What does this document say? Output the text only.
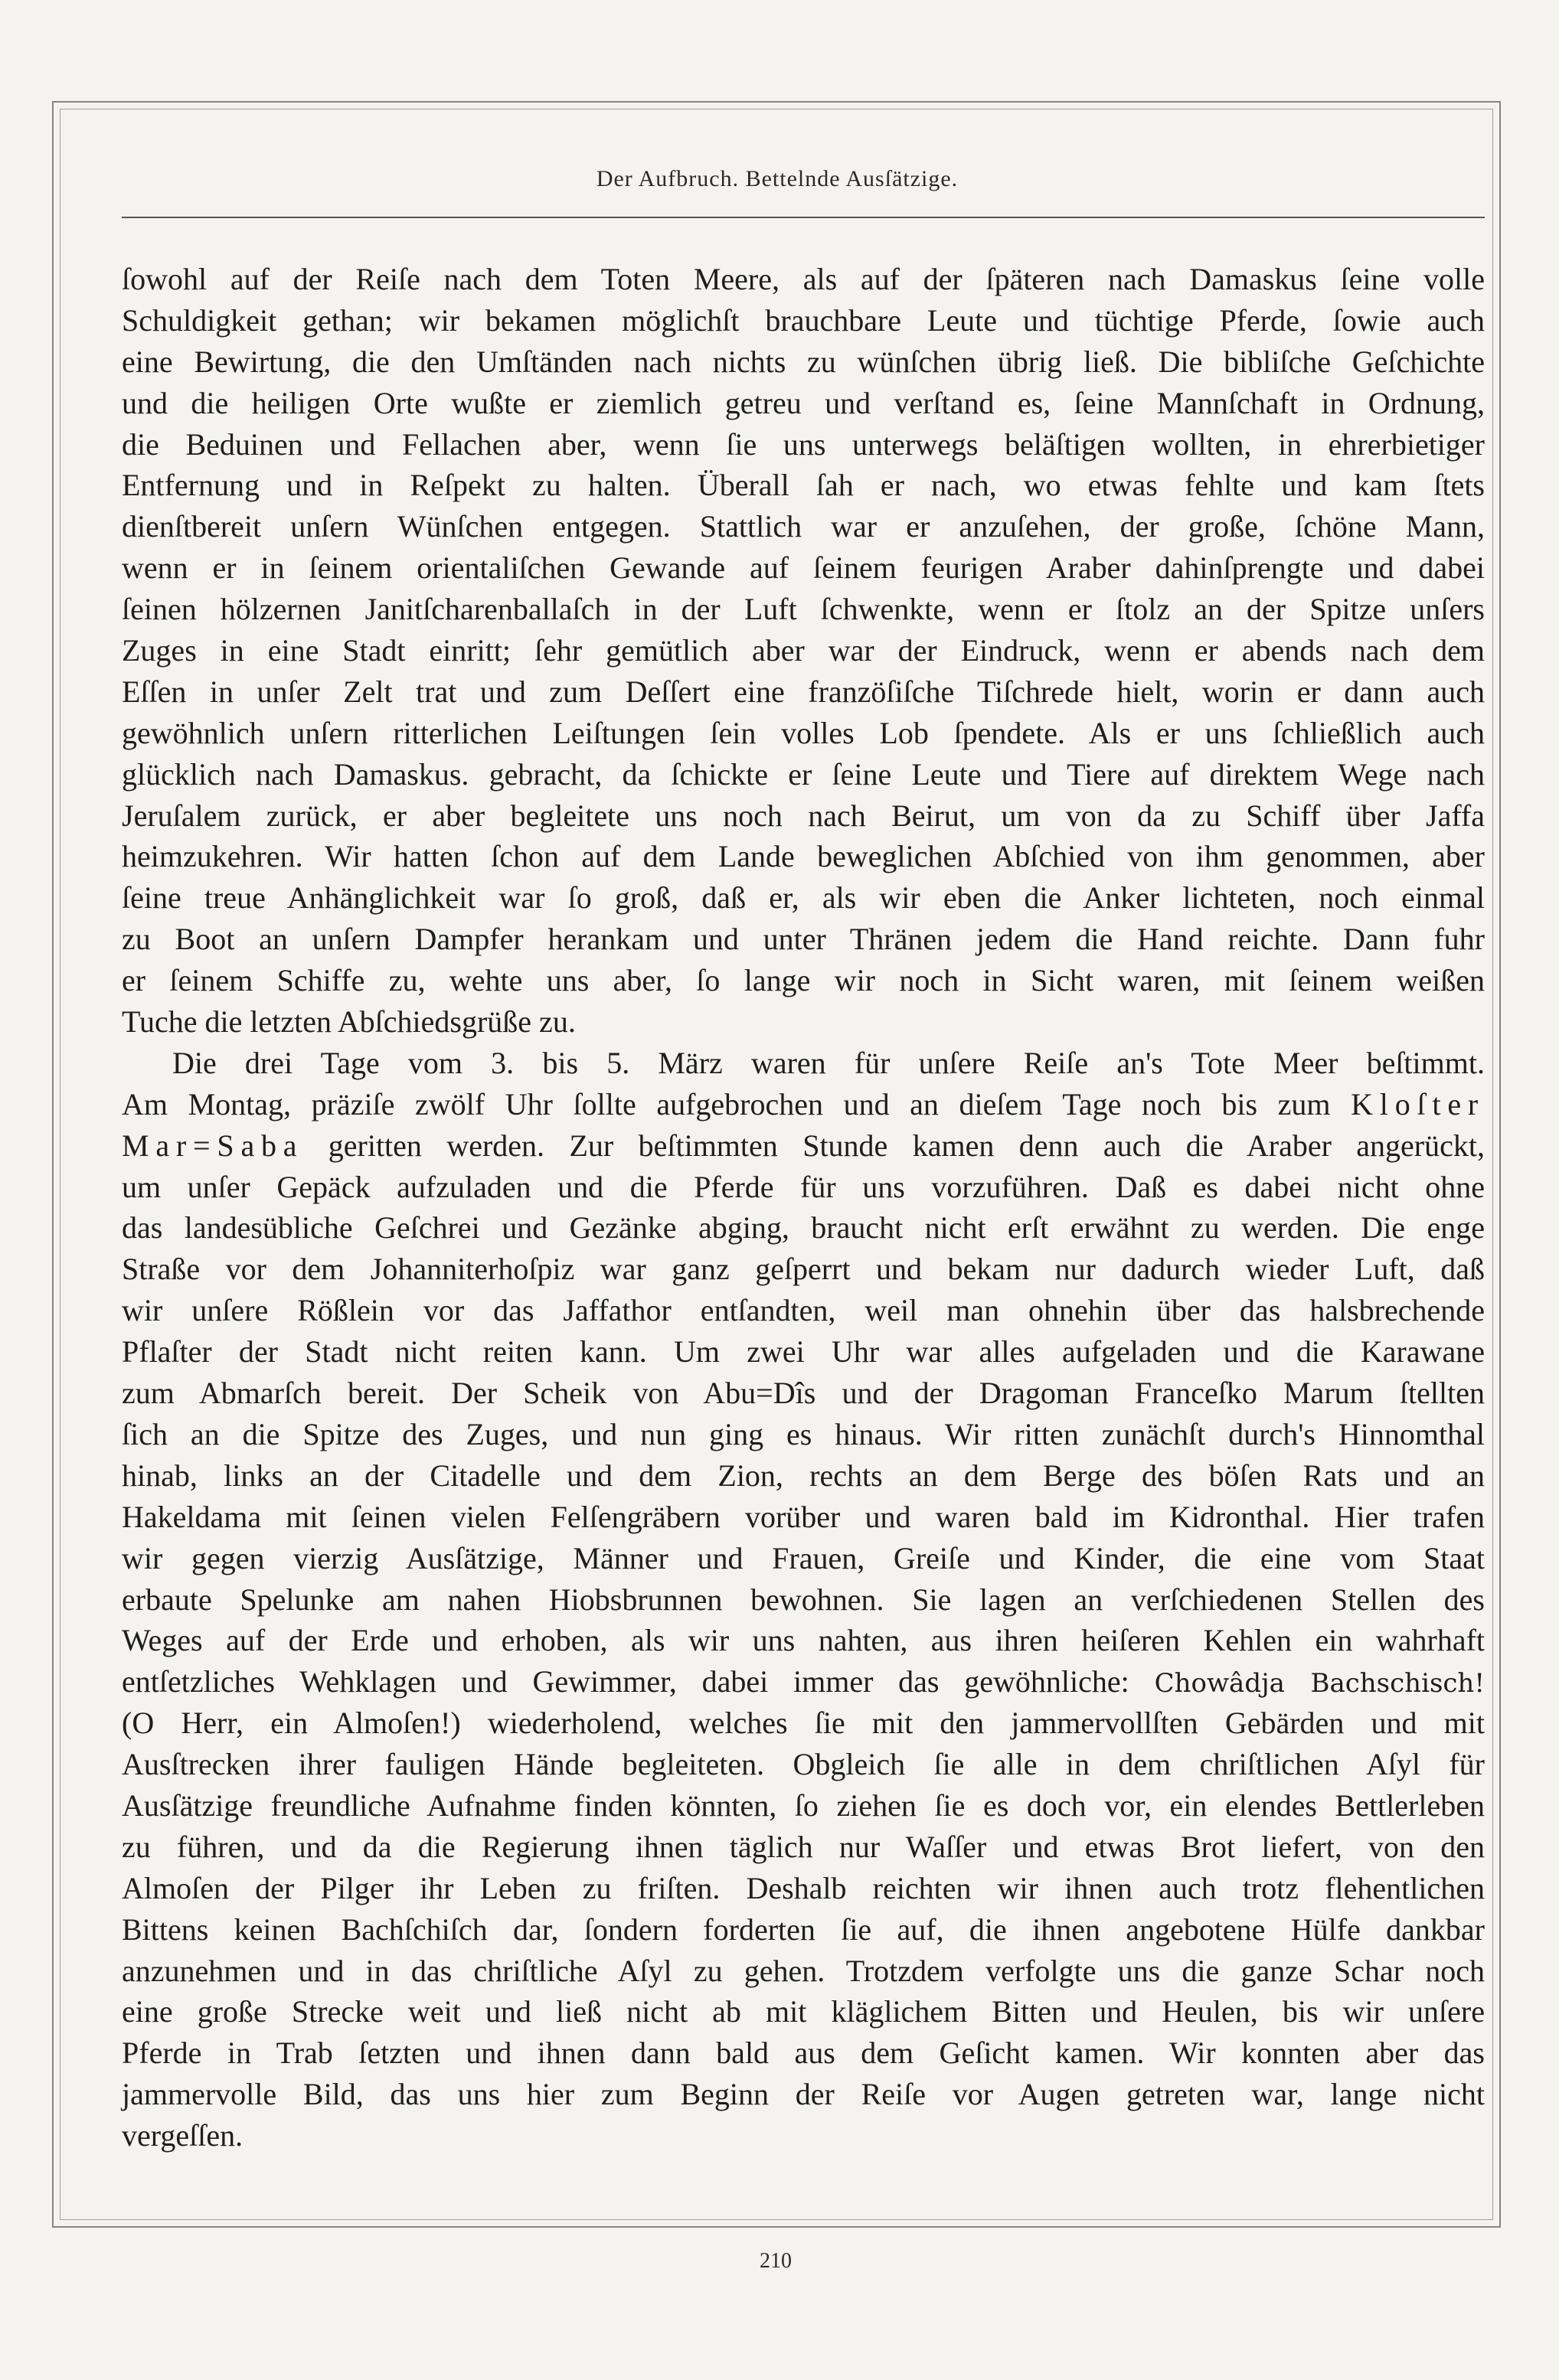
Der Aufbruch. Bettelnde Ausſätzige.
ſowohl auf der Reiſe nach dem Toten Meere, als auf der ſpäteren nach Damaskus ſeine volle
Schuldigkeit gethan; wir bekamen möglichſt brauchbare Leute und tüchtige Pferde, ſowie auch
eine Bewirtung, die den Umſtänden nach nichts zu wünſchen übrig ließ. Die bibliſche Geſchichte
und die heiligen Orte wußte er ziemlich getreu und verſtand es, ſeine Mannſchaft in Ordnung,
die Beduinen und Fellachen aber, wenn ſie uns unterwegs beläſtigen wollten, in ehrerbietiger
Entfernung und in Reſpekt zu halten. Überall ſah er nach, wo etwas fehlte und kam ſtets
dienſtbereit unſern Wünſchen entgegen. Stattlich war er anzuſehen, der große, ſchöne Mann,
wenn er in ſeinem orientaliſchen Gewande auf ſeinem feurigen Araber dahinſprengte und dabei
ſeinen hölzernen Janitſcharenballaſch in der Luft ſchwenkte, wenn er ſtolz an der Spitze unſers
Zuges in eine Stadt einritt; ſehr gemütlich aber war der Eindruck, wenn er abends nach dem
Eſſen in unſer Zelt trat und zum Deſſert eine franzöſiſche Tiſchrede hielt, worin er dann auch
gewöhnlich unſern ritterlichen Leiſtungen ſein volles Lob ſpendete. Als er uns ſchließlich auch
glücklich nach Damaskus. gebracht, da ſchickte er ſeine Leute und Tiere auf direktem Wege nach
Jeruſalem zurück, er aber begleitete uns noch nach Beirut, um von da zu Schiff über Jaffa
heimzukehren. Wir hatten ſchon auf dem Lande beweglichen Abſchied von ihm genommen, aber
ſeine treue Anhänglichkeit war ſo groß, daß er, als wir eben die Anker lichteten, noch einmal
zu Boot an unſern Dampfer herankam und unter Thränen jedem die Hand reichte. Dann fuhr
er ſeinem Schiffe zu, wehte uns aber, ſo lange wir noch in Sicht waren, mit ſeinem weißen
Tuche die letzten Abſchiedsgrüße zu.
Die drei Tage vom 3. bis 5. März waren für unſere Reiſe an's Tote Meer beſtimmt.
Am Montag, präziſe zwölf Uhr ſollte aufgebrochen und an dieſem Tage noch bis zum Kloſter
Mar=Saba geritten werden. Zur beſtimmten Stunde kamen denn auch die Araber angerückt,
um unſer Gepäck aufzuladen und die Pferde für uns vorzuführen. Daß es dabei nicht ohne
das landesübliche Geſchrei und Gezänke abging, braucht nicht erſt erwähnt zu werden. Die enge
Straße vor dem Johanniterhoſpiz war ganz geſperrt und bekam nur dadurch wieder Luft, daß
wir unſere Rößlein vor das Jaffathor entſandten, weil man ohnehin über das halsbrechende
Pflaſter der Stadt nicht reiten kann. Um zwei Uhr war alles aufgeladen und die Karawane
zum Abmarſch bereit. Der Scheik von Abu=Dîs und der Dragoman Franceſko Marum ſtellten
ſich an die Spitze des Zuges, und nun ging es hinaus. Wir ritten zunächſt durch's Hinnomthal
hinab, links an der Citadelle und dem Zion, rechts an dem Berge des böſen Rats und an
Hakeldama mit ſeinen vielen Felſengräbern vorüber und waren bald im Kidronthal. Hier trafen
wir gegen vierzig Ausſätzige, Männer und Frauen, Greiſe und Kinder, die eine vom Staat
erbaute Spelunke am nahen Hiobsbrunnen bewohnen. Sie lagen an verſchiedenen Stellen des
Weges auf der Erde und erhoben, als wir uns nahten, aus ihren heiſeren Kehlen ein wahrhaft
entſetzliches Wehklagen und Gewimmer, dabei immer das gewöhnliche: Chowâdja Bachschisch!
(O Herr, ein Almoſen!) wiederholend, welches ſie mit den jammervollſten Gebärden und mit
Ausſtrecken ihrer fauligen Hände begleiteten. Obgleich ſie alle in dem chriſtlichen Aſyl für
Ausſätzige freundliche Aufnahme finden könnten, ſo ziehen ſie es doch vor, ein elendes Bettlerleben
zu führen, und da die Regierung ihnen täglich nur Waſſer und etwas Brot liefert, von den
Almoſen der Pilger ihr Leben zu friſten. Deshalb reichten wir ihnen auch trotz flehentlichen
Bittens keinen Bachſchiſch dar, ſondern forderten ſie auf, die ihnen angebotene Hülfe dankbar
anzunehmen und in das chriſtliche Aſyl zu gehen. Trotzdem verfolgte uns die ganze Schar noch
eine große Strecke weit und ließ nicht ab mit kläglichem Bitten und Heulen, bis wir unſere
Pferde in Trab ſetzten und ihnen dann bald aus dem Geſicht kamen. Wir konnten aber das
jammervolle Bild, das uns hier zum Beginn der Reiſe vor Augen getreten war, lange nicht
vergeſſen.
210
